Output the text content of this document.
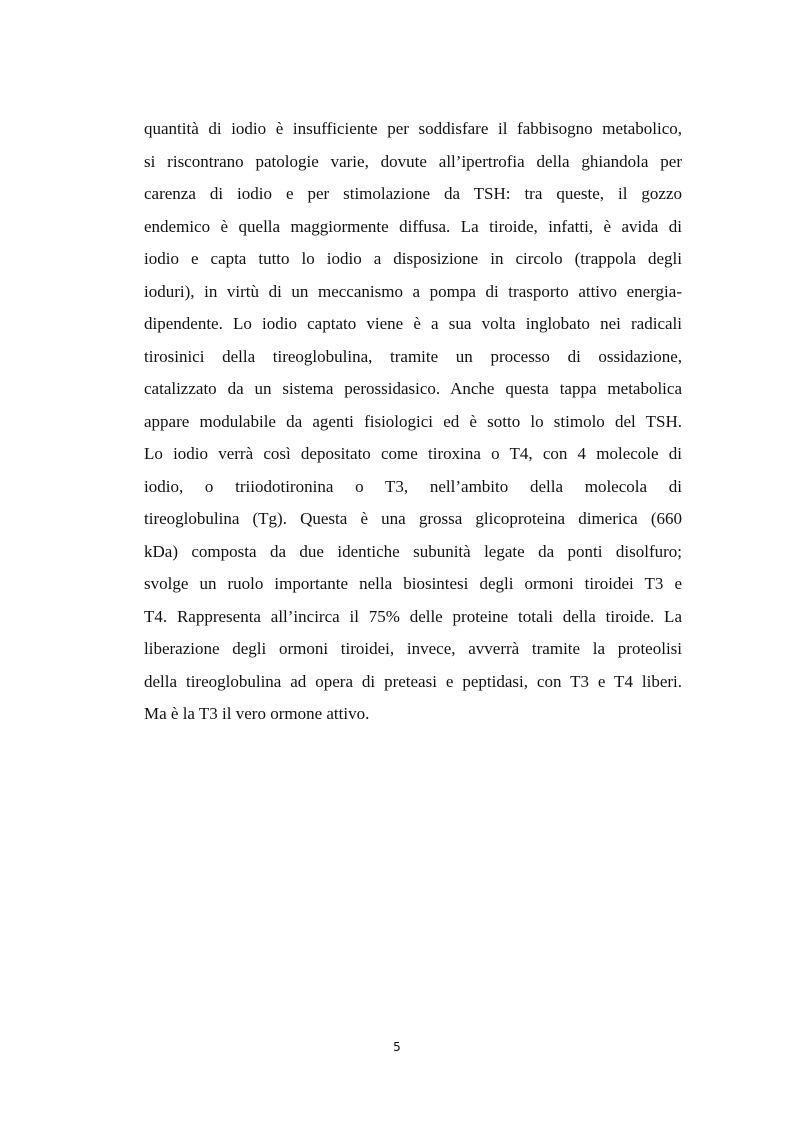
quantità di iodio è insufficiente per soddisfare il fabbisogno metabolico,
si riscontrano patologie varie, dovute all’ipertrofia della ghiandola per
carenza di iodio e per stimolazione da TSH: tra queste, il gozzo
endemico è quella maggiormente diffusa. La tiroide, infatti, è avida di
iodio e capta tutto lo iodio a disposizione in circolo (trappola degli
ioduri), in virtù di un meccanismo a pompa di trasporto attivo energia-
dipendente. Lo iodio captato viene è a sua volta inglobato nei radicali
tirosinici della tireoglobulina, tramite un processo di ossidazione,
catalizzato da un sistema perossidasico. Anche questa tappa metabolica
appare modulabile da agenti fisiologici ed è sotto lo stimolo del TSH.
Lo iodio verrà così depositato come tiroxina o T4, con 4 molecole di
iodio, o triiodotironina o T3, nell’ambito della molecola di
tireoglobulina (Tg). Questa è una grossa glicoproteina dimerica (660
kDa) composta da due identiche subunità legate da ponti disolfuro;
svolge un ruolo importante nella biosintesi degli ormoni tiroidei T3 e
T4. Rappresenta all’incirca il 75% delle proteine totali della tiroide. La
liberazione degli ormoni tiroidei, invece, avverrà tramite la proteolisi
della tireoglobulina ad opera di preteasi e peptidasi, con T3 e T4 liberi.
Ma è la T3 il vero ormone attivo.
5
